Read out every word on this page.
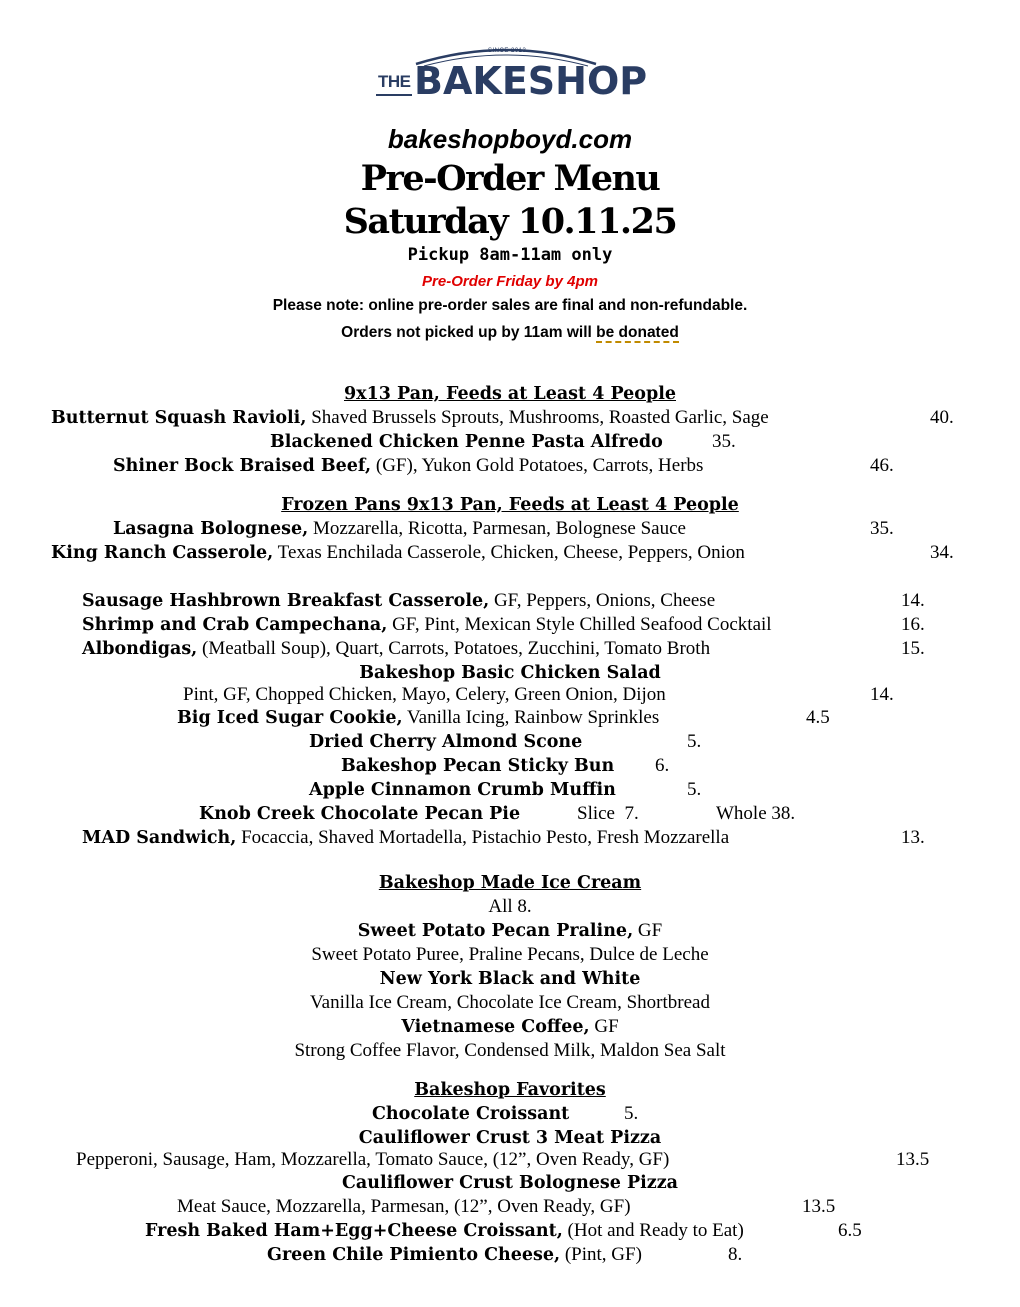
SINCE 2013
THE BAKESHOP
bakeshopboyd.com
Pre-Order Menu
Saturday 10.11.25
Pickup 8am-11am only
Pre-Order Friday by 4pm
Please note: online pre-order sales are final and non-refundable.
Orders not picked up by 11am will be donated
9x13 Pan, Feeds at Least 4 People
Butternut Squash Ravioli, Shaved Brussels Sprouts, Mushrooms, Roasted Garlic, Sage	40.
Blackened Chicken Penne Pasta Alfredo	35.
Shiner Bock Braised Beef, (GF), Yukon Gold Potatoes, Carrots, Herbs	46.
Frozen Pans 9x13 Pan, Feeds at Least 4 People
Lasagna Bolognese, Mozzarella, Ricotta, Parmesan, Bolognese Sauce	35.
King Ranch Casserole, Texas Enchilada Casserole, Chicken, Cheese, Peppers, Onion	34.
Sausage Hashbrown Breakfast Casserole, GF, Peppers, Onions, Cheese	14.
Shrimp and Crab Campechana, GF, Pint, Mexican Style Chilled Seafood Cocktail	16.
Albondigas, (Meatball Soup), Quart, Carrots, Potatoes, Zucchini, Tomato Broth	15.
Bakeshop Basic Chicken Salad
Pint, GF, Chopped Chicken, Mayo, Celery, Green Onion, Dijon	14.
Big Iced Sugar Cookie, Vanilla Icing, Rainbow Sprinkles	4.5
Dried Cherry Almond Scone	5.
Bakeshop Pecan Sticky Bun 6.
Apple Cinnamon Crumb Muffin	5.
Knob Creek Chocolate Pecan Pie	Slice  7.	Whole 38.
MAD Sandwich, Focaccia, Shaved Mortadella, Pistachio Pesto, Fresh Mozzarella	13.
Bakeshop Made Ice Cream
All 8.
Sweet Potato Pecan Praline, GF
Sweet Potato Puree, Praline Pecans, Dulce de Leche
New York Black and White
Vanilla Ice Cream, Chocolate Ice Cream, Shortbread
Vietnamese Coffee, GF
Strong Coffee Flavor, Condensed Milk, Maldon Sea Salt
Bakeshop Favorites
Chocolate Croissant	5.
Cauliflower Crust 3 Meat Pizza
Pepperoni, Sausage, Ham, Mozzarella, Tomato Sauce, (12”, Oven Ready, GF)	13.5
Cauliflower Crust Bolognese Pizza
Meat Sauce, Mozzarella, Parmesan, (12”, Oven Ready, GF)	13.5
Fresh Baked Ham+Egg+Cheese Croissant, (Hot and Ready to Eat)	6.5
Green Chile Pimiento Cheese, (Pint, GF)	8.
